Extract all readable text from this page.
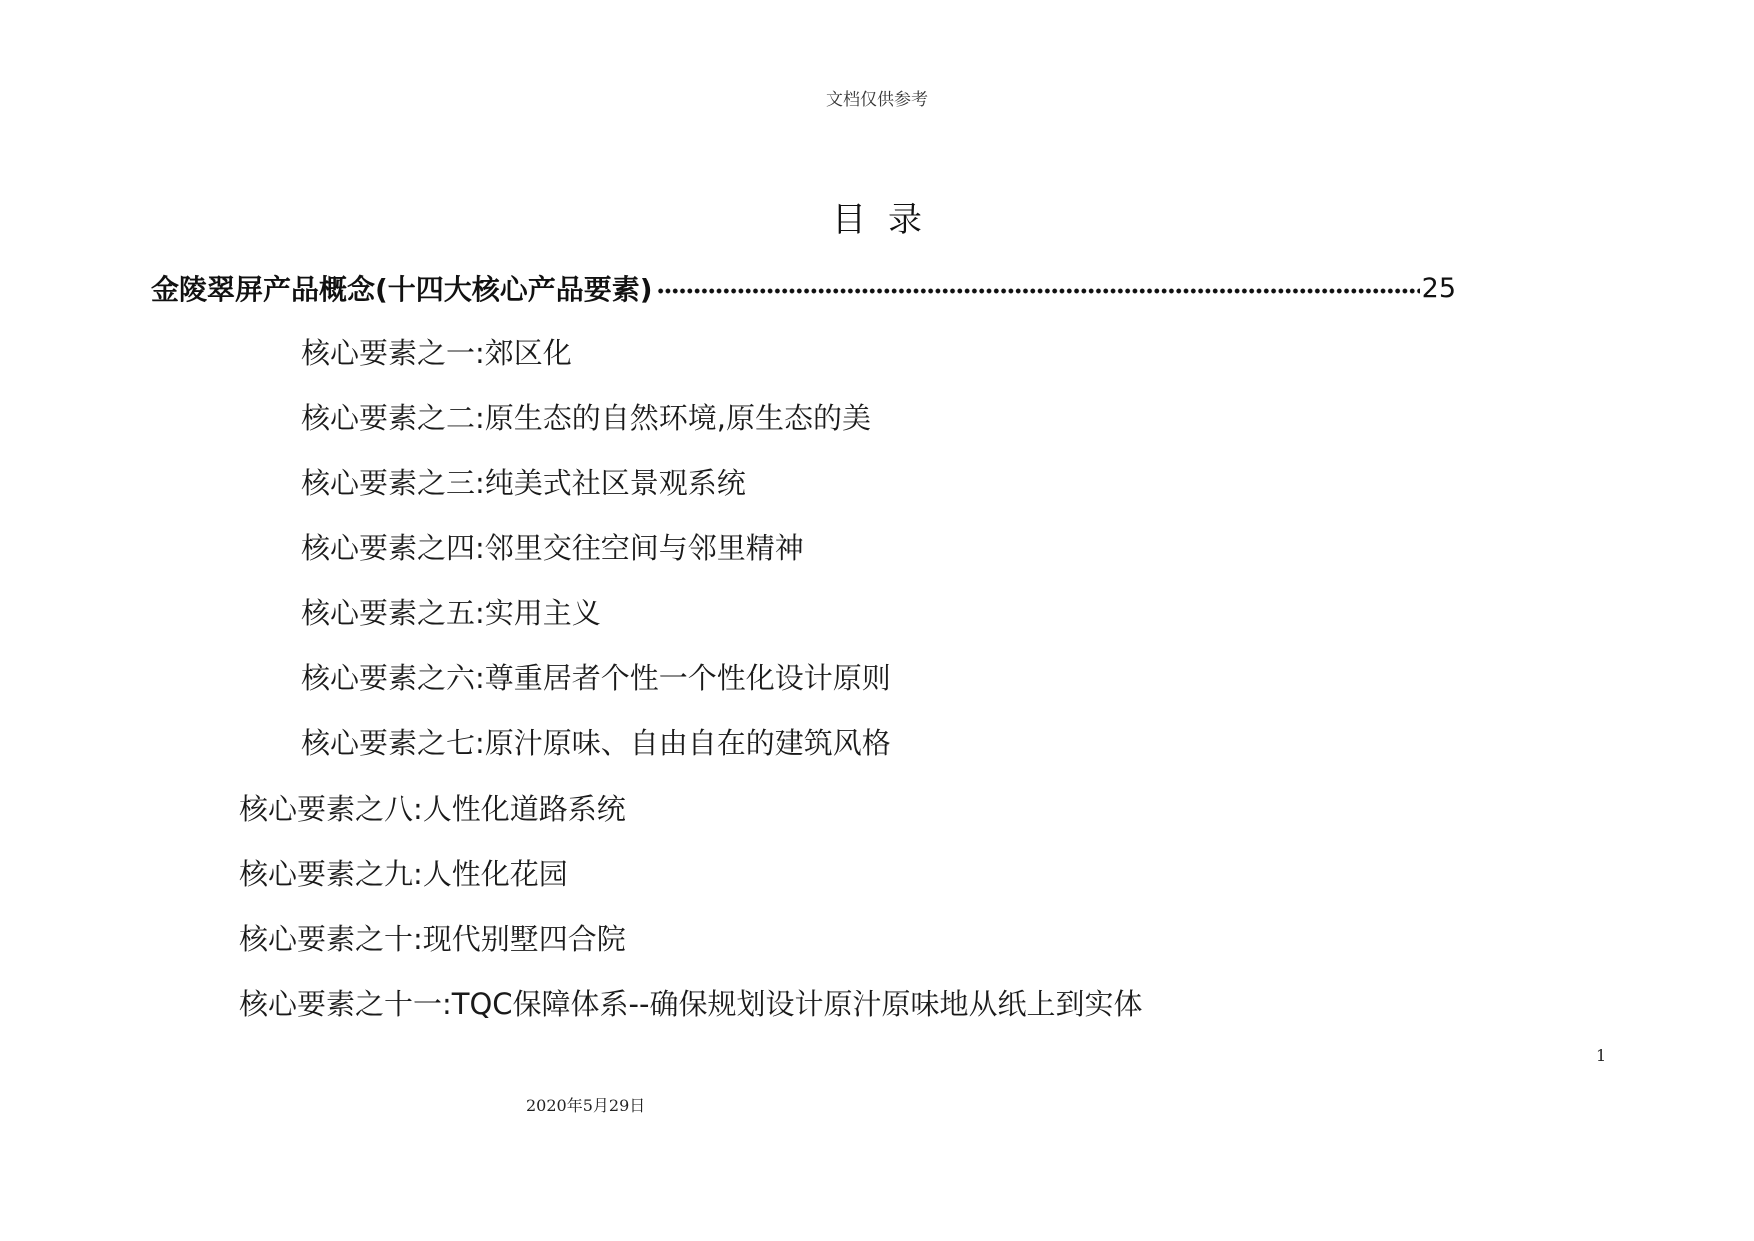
文档仅供参考
目录
金陵翠屏产品概念(十四大核心产品要素)	25
核心要素之一:郊区化
核心要素之二:原生态的自然环境,原生态的美
核心要素之三:纯美式社区景观系统
核心要素之四:邻里交往空间与邻里精神
核心要素之五:实用主义
核心要素之六:尊重居者个性一个性化设计原则
核心要素之七:原汁原味、自由自在的建筑风格
核心要素之八:人性化道路系统
核心要素之九:人性化花园
核心要素之十:现代别墅四合院
核心要素之十一:TQC保障体系--确保规划设计原汁原味地从纸上到实体
1
2020年5月29日
